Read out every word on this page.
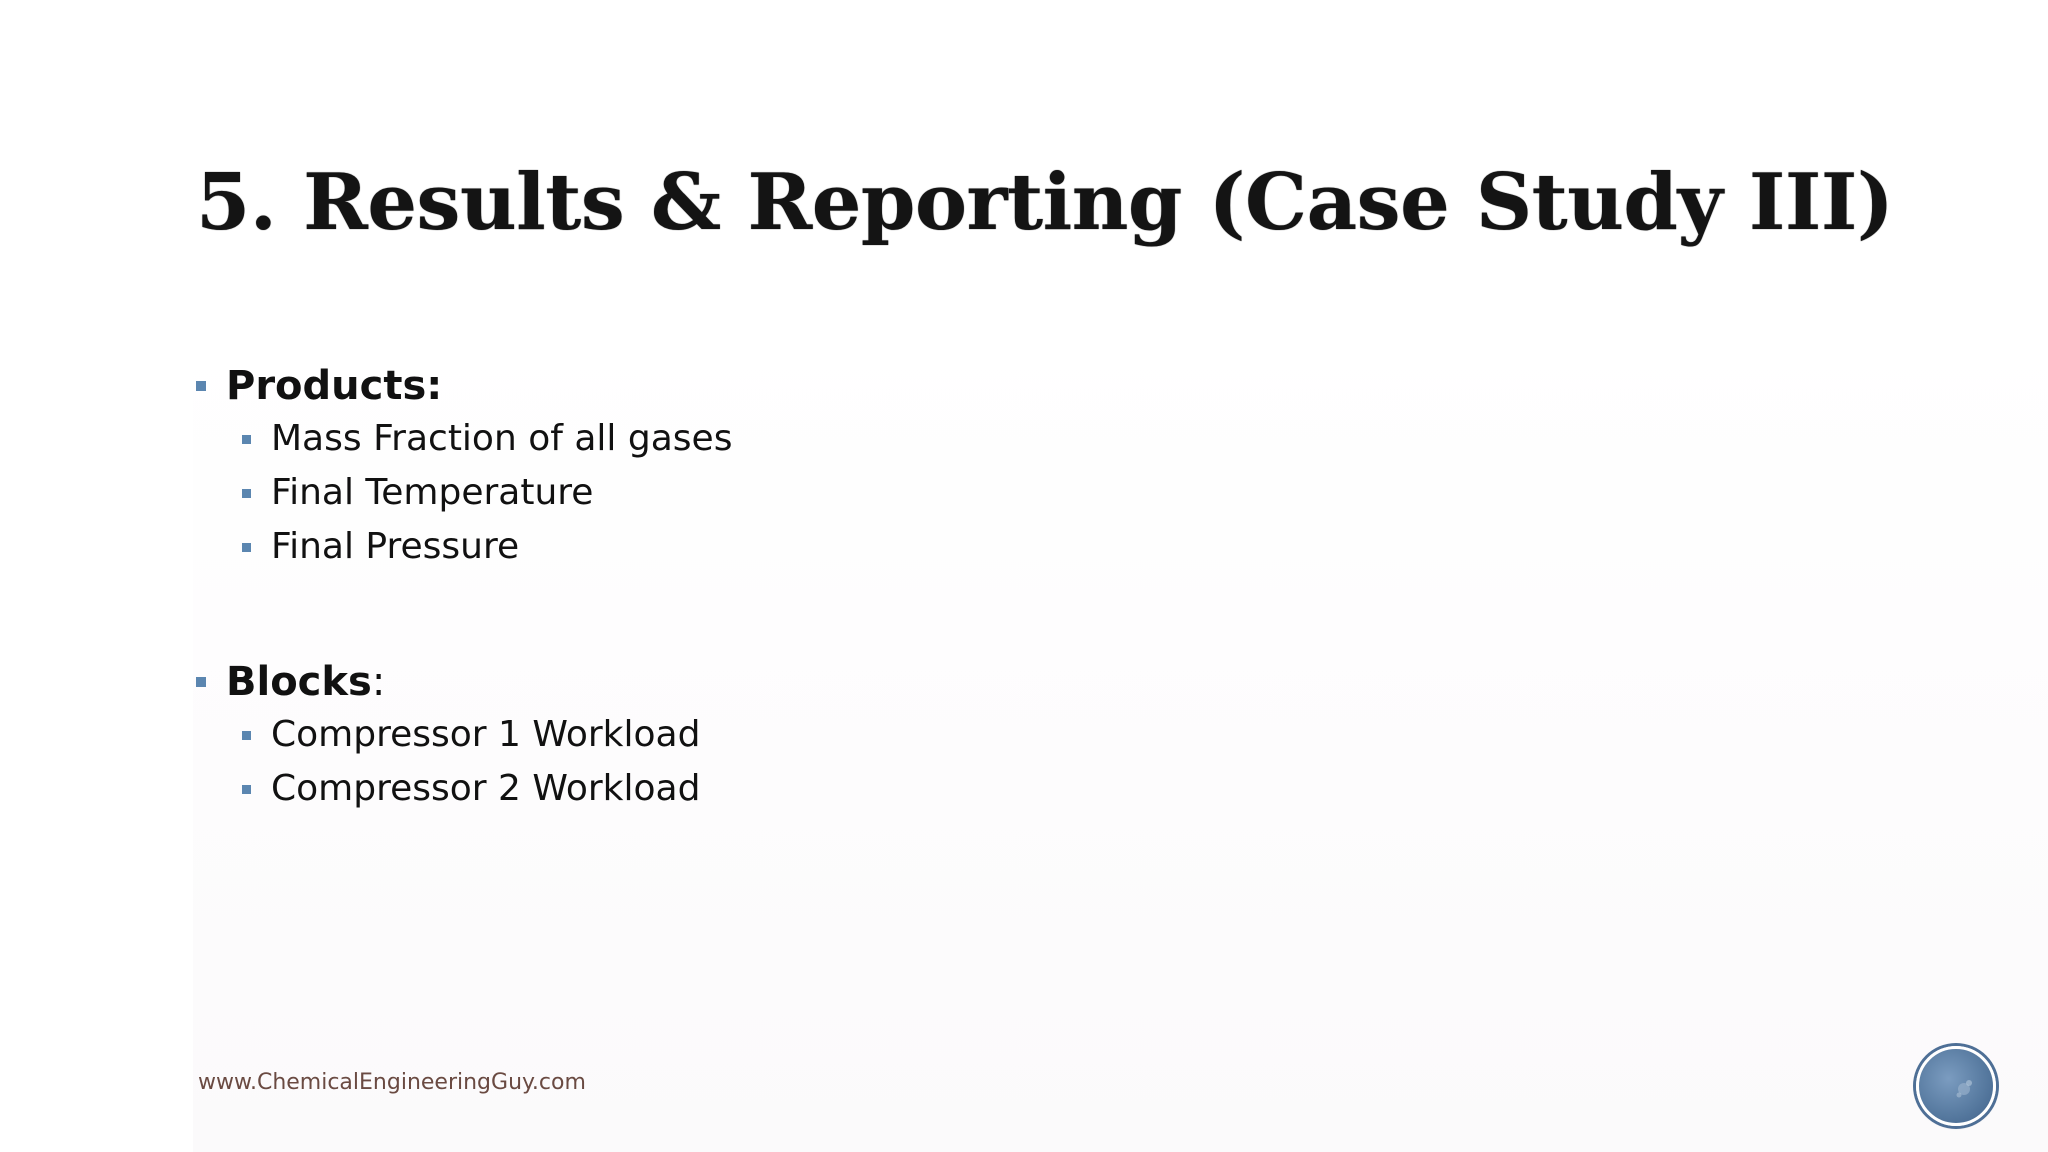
5. Results & Reporting (Case Study III)
Products:
Mass Fraction of all gases
Final Temperature
Final Pressure
Blocks :
Compressor 1 Workload
Compressor 2 Workload
www.ChemicalEngineeringGuy.com
